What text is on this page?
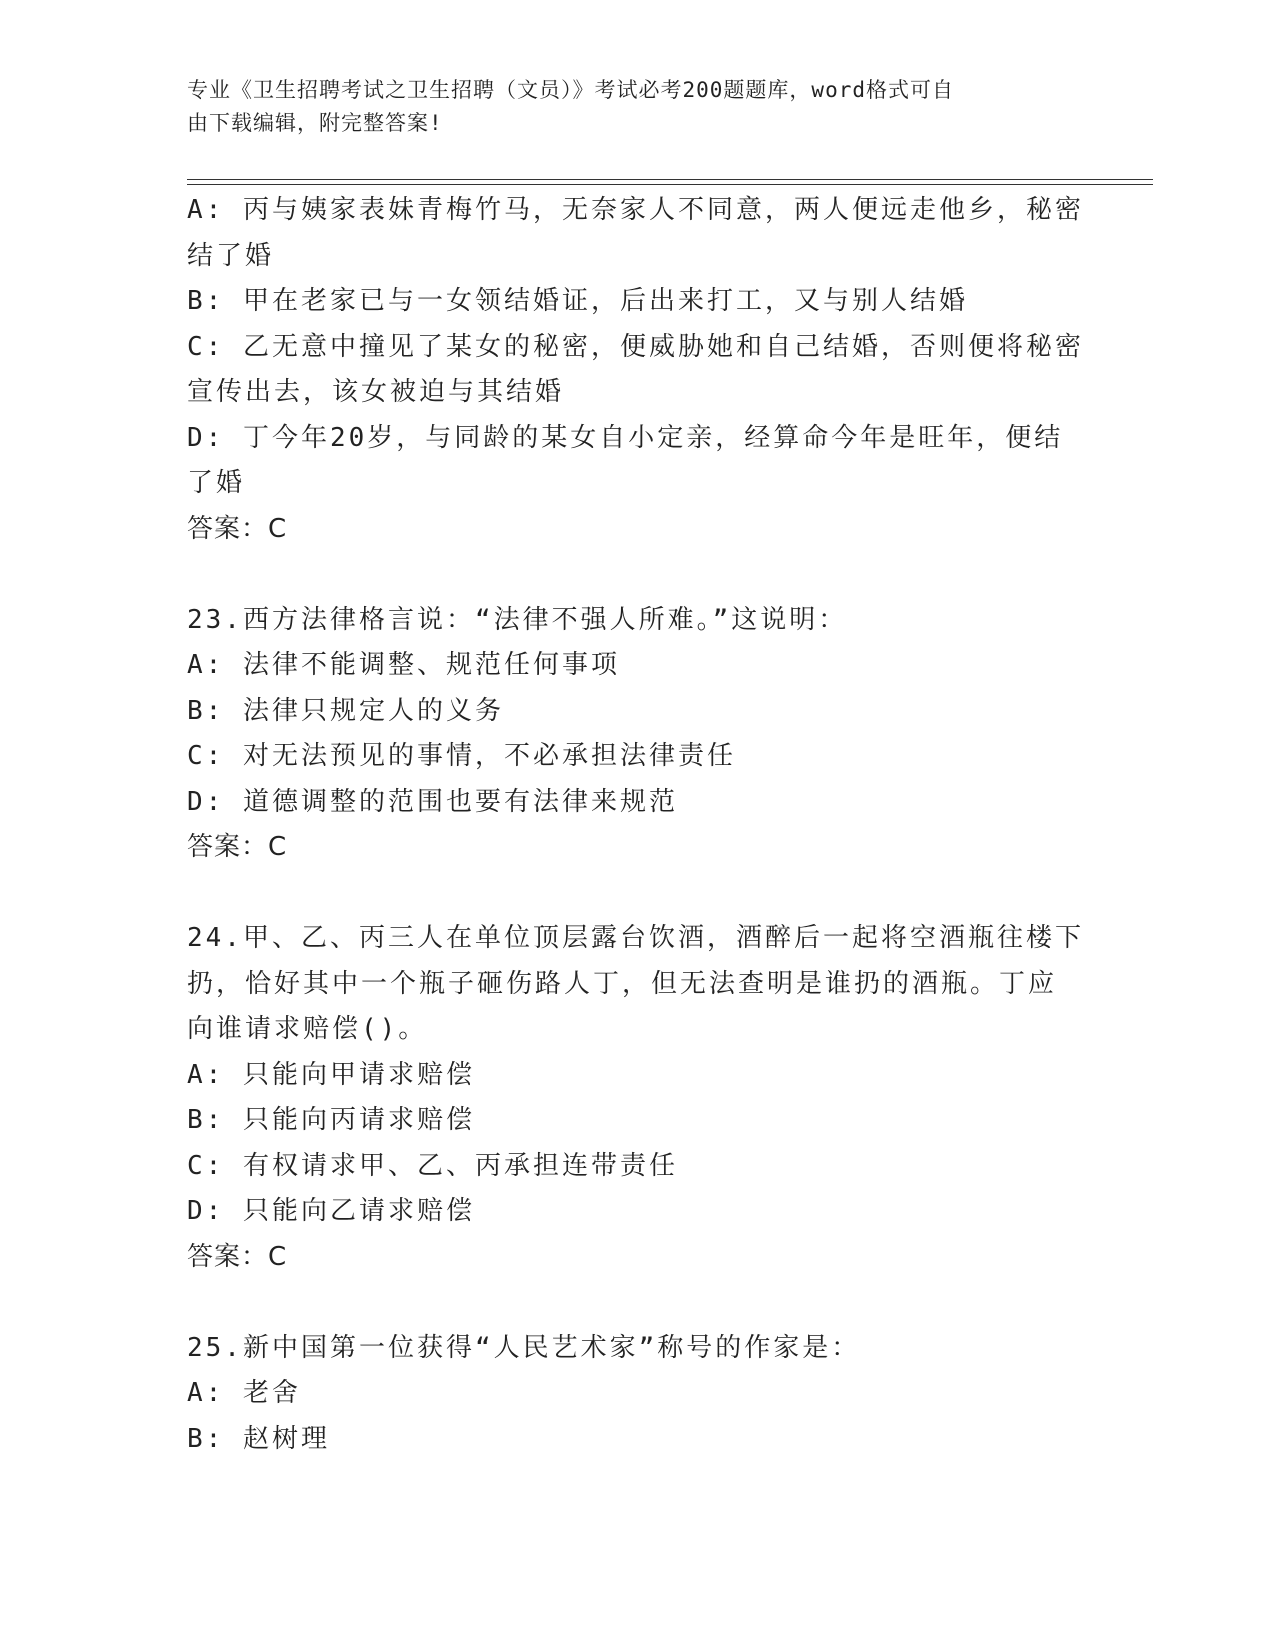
专业《卫生招聘考试之卫生招聘（文员）》考试必考200题题库，word格式可自
由下载编辑，附完整答案!
A: 丙与姨家表妹青梅竹马，无奈家人不同意，两人便远走他乡，秘密
结了婚
B: 甲在老家已与一女领结婚证，后出来打工，又与别人结婚
C: 乙无意中撞见了某女的秘密，便威胁她和自己结婚，否则便将秘密
宣传出去，该女被迫与其结婚
D: 丁今年20岁，与同龄的某女自小定亲，经算命今年是旺年，便结
了婚
答案：C
23.西方法律格言说：“法律不强人所难。”这说明：
A: 法律不能调整、规范任何事项
B: 法律只规定人的义务
C: 对无法预见的事情，不必承担法律责任
D: 道德调整的范围也要有法律来规范
答案：C
24.甲、乙、丙三人在单位顶层露台饮酒，酒醉后一起将空酒瓶往楼下
扔，恰好其中一个瓶子砸伤路人丁，但无法查明是谁扔的酒瓶。丁应
向谁请求赔偿()。
A: 只能向甲请求赔偿
B: 只能向丙请求赔偿
C: 有权请求甲、乙、丙承担连带责任
D: 只能向乙请求赔偿
答案：C
25.新中国第一位获得“人民艺术家”称号的作家是：
A: 老舍
B: 赵树理
